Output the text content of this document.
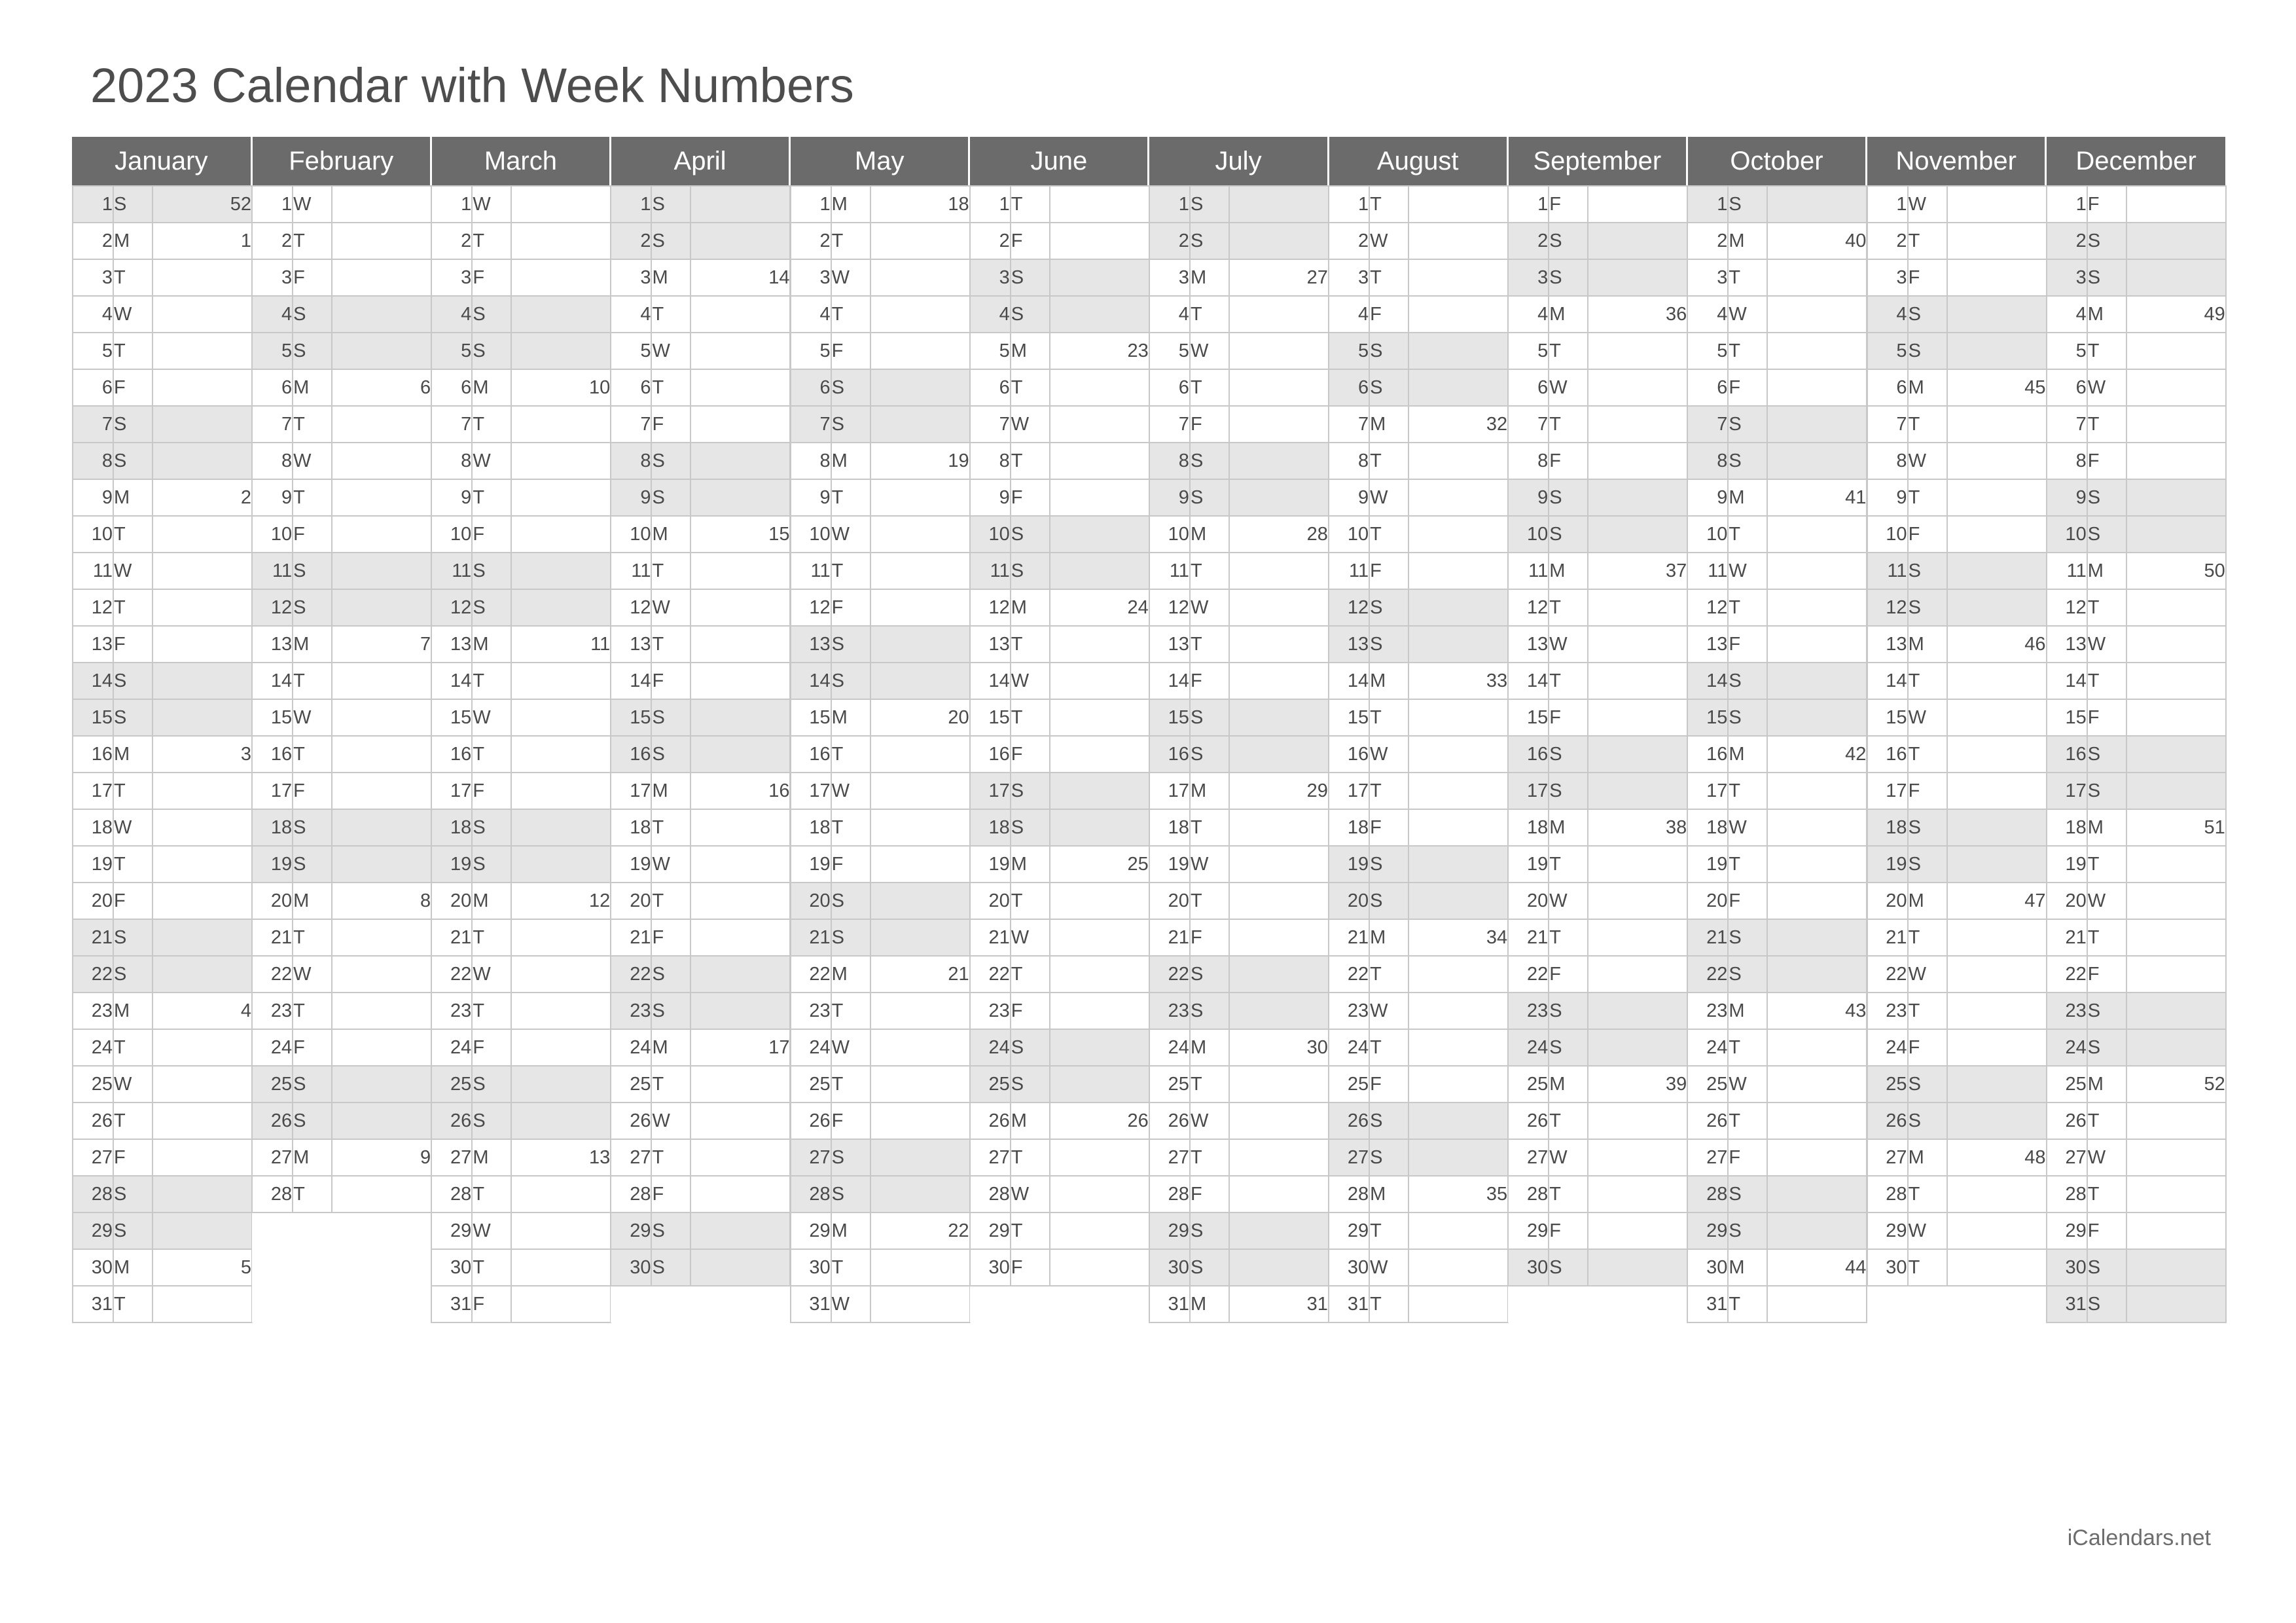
2023 Calendar with Week Numbers
January	February	March	April	May	June	July	August	September	October	November	December

1	S	52
2	M	1
3	T	
4	W	
5	T	
6	F	
7	S	
8	S	
9	M	2
10	T	
11	W	
12	T	
13	F	
14	S	
15	S	
16	M	3
17	T	
18	W	
19	T	
20	F	
21	S	
22	S	
23	M	4
24	T	
25	W	
26	T	
27	F	
28	S	
29	S	
30	M	5
31	T	

1	W	
2	T	
3	F	
4	S	
5	S	
6	M	6
7	T	
8	W	
9	T	
10	F	
11	S	
12	S	
13	M	7
14	T	
15	W	
16	T	
17	F	
18	S	
19	S	
20	M	8
21	T	
22	W	
23	T	
24	F	
25	S	
26	S	
27	M	9
28	T	

1	W	
2	T	
3	F	
4	S	
5	S	
6	M	10
7	T	
8	W	
9	T	
10	F	
11	S	
12	S	
13	M	11
14	T	
15	W	
16	T	
17	F	
18	S	
19	S	
20	M	12
21	T	
22	W	
23	T	
24	F	
25	S	
26	S	
27	M	13
28	T	
29	W	
30	T	
31	F	

1	S	
2	S	
3	M	14
4	T	
5	W	
6	T	
7	F	
8	S	
9	S	
10	M	15
11	T	
12	W	
13	T	
14	F	
15	S	
16	S	
17	M	16
18	T	
19	W	
20	T	
21	F	
22	S	
23	S	
24	M	17
25	T	
26	W	
27	T	
28	F	
29	S	
30	S	

1	M	18
2	T	
3	W	
4	T	
5	F	
6	S	
7	S	
8	M	19
9	T	
10	W	
11	T	
12	F	
13	S	
14	S	
15	M	20
16	T	
17	W	
18	T	
19	F	
20	S	
21	S	
22	M	21
23	T	
24	W	
25	T	
26	F	
27	S	
28	S	
29	M	22
30	T	
31	W	

1	T	
2	F	
3	S	
4	S	
5	M	23
6	T	
7	W	
8	T	
9	F	
10	S	
11	S	
12	M	24
13	T	
14	W	
15	T	
16	F	
17	S	
18	S	
19	M	25
20	T	
21	W	
22	T	
23	F	
24	S	
25	S	
26	M	26
27	T	
28	W	
29	T	
30	F	

1	S	
2	S	
3	M	27
4	T	
5	W	
6	T	
7	F	
8	S	
9	S	
10	M	28
11	T	
12	W	
13	T	
14	F	
15	S	
16	S	
17	M	29
18	T	
19	W	
20	T	
21	F	
22	S	
23	S	
24	M	30
25	T	
26	W	
27	T	
28	F	
29	S	
30	S	
31	M	31

1	T	
2	W	
3	T	
4	F	
5	S	
6	S	
7	M	32
8	T	
9	W	
10	T	
11	F	
12	S	
13	S	
14	M	33
15	T	
16	W	
17	T	
18	F	
19	S	
20	S	
21	M	34
22	T	
23	W	
24	T	
25	F	
26	S	
27	S	
28	M	35
29	T	
30	W	
31	T	

1	F	
2	S	
3	S	
4	M	36
5	T	
6	W	
7	T	
8	F	
9	S	
10	S	
11	M	37
12	T	
13	W	
14	T	
15	F	
16	S	
17	S	
18	M	38
19	T	
20	W	
21	T	
22	F	
23	S	
24	S	
25	M	39
26	T	
27	W	
28	T	
29	F	
30	S	

1	S	
2	M	40
3	T	
4	W	
5	T	
6	F	
7	S	
8	S	
9	M	41
10	T	
11	W	
12	T	
13	F	
14	S	
15	S	
16	M	42
17	T	
18	W	
19	T	
20	F	
21	S	
22	S	
23	M	43
24	T	
25	W	
26	T	
27	F	
28	S	
29	S	
30	M	44
31	T	

1	W	
2	T	
3	F	
4	S	
5	S	
6	M	45
7	T	
8	W	
9	T	
10	F	
11	S	
12	S	
13	M	46
14	T	
15	W	
16	T	
17	F	
18	S	
19	S	
20	M	47
21	T	
22	W	
23	T	
24	F	
25	S	
26	S	
27	M	48
28	T	
29	W	
30	T	

1	F	
2	S	
3	S	
4	M	49
5	T	
6	W	
7	T	
8	F	
9	S	
10	S	
11	M	50
12	T	
13	W	
14	T	
15	F	
16	S	
17	S	
18	M	51
19	T	
20	W	
21	T	
22	F	
23	S	
24	S	
25	M	52
26	T	
27	W	
28	T	
29	F	
30	S	
31	S	
iCalendars.net
